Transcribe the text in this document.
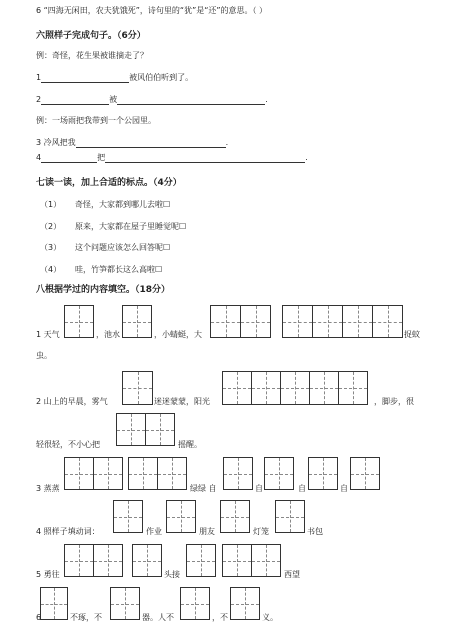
6 “四海无闲田，农夫犹饿死”，诗句里的“犹”是“还”的意思。（ ）
六照样子完成句子。（6分）
例：奇怪，花生果被谁摘走了？
1	被风伯伯听到了。
2	被	.
例：一场雨把我带到一个公园里。
3 冷风把我	.
4	把	.
七读一读，加上合适的标点。（4分）
（1） 奇怪，大家都到哪儿去啦☐
（2） 原来，大家都在屋子里睡觉呢☐
（3） 这个问题应该怎么回答呢☐
（4） 哇，竹笋都长这么高啦☐
八根据学过的内容填空。（18分）
1 天气	，池水	，小蜻蜓，大	捉蚊
虫。
2 山上的早晨，雾气	迷迷蒙蒙，阳光	，脚步，很
轻很轻，不小心把	摇醒。
3 蒸蒸	绿绿 自	自	自	自
4 照样子填动词：	作业	朋友	灯笼	书包
5 勇往	头接	西望
6	不琢，不	器。人不	，不	义。
